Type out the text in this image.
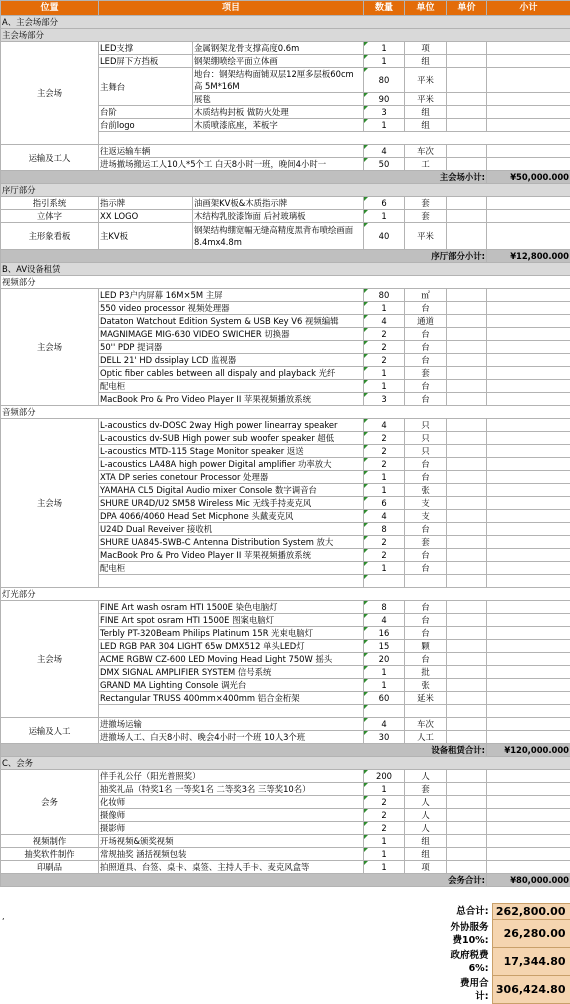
位置	项目		数量	单位	单价	小计
A、主会场部分						
主会场部分						
主会场	LED支撑	金属钢架龙骨支撑高度0.6m	1	项		
	LED屏下方挡板	钢架绷喷绘平面立体画	1	组		
	主舞台	地台：钢架结构面铺双层12厘多层板60cm高 5M*16M	80	平米		
		展毯	90	平米		
	台阶	木质结构封板 做防火处理	3	组		
	台前logo	木质喷漆底座，苯板字	1	组		

运输及工人	往返运输车辆		4	车次		
	进场撤场搬运工人10人*5个工 白天8小时一班，晚间4小时一		50	工		
主会场小计:						¥50,000.000
序厅部分						
指引系统	指示牌	油画架KV板&木质指示牌	6	套		
立体字	XX LOGO	木结构乳胶漆饰面 后衬玻璃板	1	套		
主形象看板	主KV板	钢架结构绷宽幅无缝高精度黑背布喷绘画面8.4mx4.8m	40	平米		
序厅部分小计:						¥12,800.000
B、AV设备租赁						
视频部分						
主会场	LED P3户内屏幕 16M×5M 主屏		80	㎡		
	550 video processor 视频处理器		1	台		
	Dataton Watchout Edition System & USB Key V6 视频编辑		4	通道		
	MAGNIMAGE MIG-630 VIDEO SWICHER 切换器		2	台		
	50'' PDP 提词器		2	台		
	DELL 21' HD dssiplay LCD 监视器		2	台		
	Optic fiber cables between all dispaly and playback 光纤		1	套		
	配电柜		1	台		
	MacBook Pro & Pro Video Player II 苹果视频播放系统		3	台		
音频部分						
主会场	L-acoustics dv-DOSC 2way High power linearray speaker		4	只		
	L-acoustics dv-SUB High power sub woofer speaker 超低		2	只		
	L-acoustics MTD-115 Stage Monitor speaker 返送		2	只		
	L-acoustics LA48A high power Digital amplifier 功率放大		2	台		
	XTA DP series conetour Processor 处理器		1	台		
	YAMAHA CL5 Digital Audio mixer Console 数字调音台		1	张		
	SHURE UR4D/U2 SM58 Wireless Mic 无线手持麦克风		6	支		
	DPA 4066/4060 Head Set Micphone 头戴麦克风		4	支		
	U24D Dual Reveiver 接收机		8	台		
	SHURE UA845-SWB-C Antenna Distribution System 放大		2	套		
	MacBook Pro & Pro Video Player II 苹果视频播放系统		2	台		
	配电柜		1	台		

灯光部分						
主会场	FINE Art wash osram HTI 1500E 染色电脑灯		8	台		
	FINE Art spot osram HTI 1500E 图案电脑灯		4	台		
	Terbly PT-320Beam Philips Platinum 15R 光束电脑灯		16	台		
	LED RGB PAR 304 LIGHT 65w DMX512 单头LED灯		15	颗		
	ACME RGBW CZ-600 LED Moving Head Light 750W 摇头		20	台		
	DMX SIGNAL AMPLIFIER SYSTEM 信号系统		1	批		
	GRAND MA Lighting Console 调光台		1	张		
	Rectangular TRUSS 400mm×400mm 铝合金桁架		60	延米		

运输及人工	进撤场运输		4	车次		
	进撤场人工、白天8小时、晚会4小时一个班 10人3个班		30	人工		
设备租赁合计:						¥120,000.000
C、会务						
会务	伴手礼公仔（阳光普照奖）		200	人		
	抽奖礼品（特奖1名 一等奖1名 二等奖3名 三等奖10名）		1	套		
	化妆师		2	人		
	摄像师		2	人		
	摄影师		2	人		
视频制作	开场视频&颁奖视频		1	组		
抽奖软件制作	常规抽奖 涵括视频包装		1	组		
印刷品	拍照道具、台签、桌卡、桌签、主持人手卡、麦克风盒等		1	项		
会务合计:						¥80,000.000
,
		总合计:	262,800.00
	外协服务
费10%:	26,280.00
	政府税费
6%:	17,344.80
	费用合
计:	306,424.80
